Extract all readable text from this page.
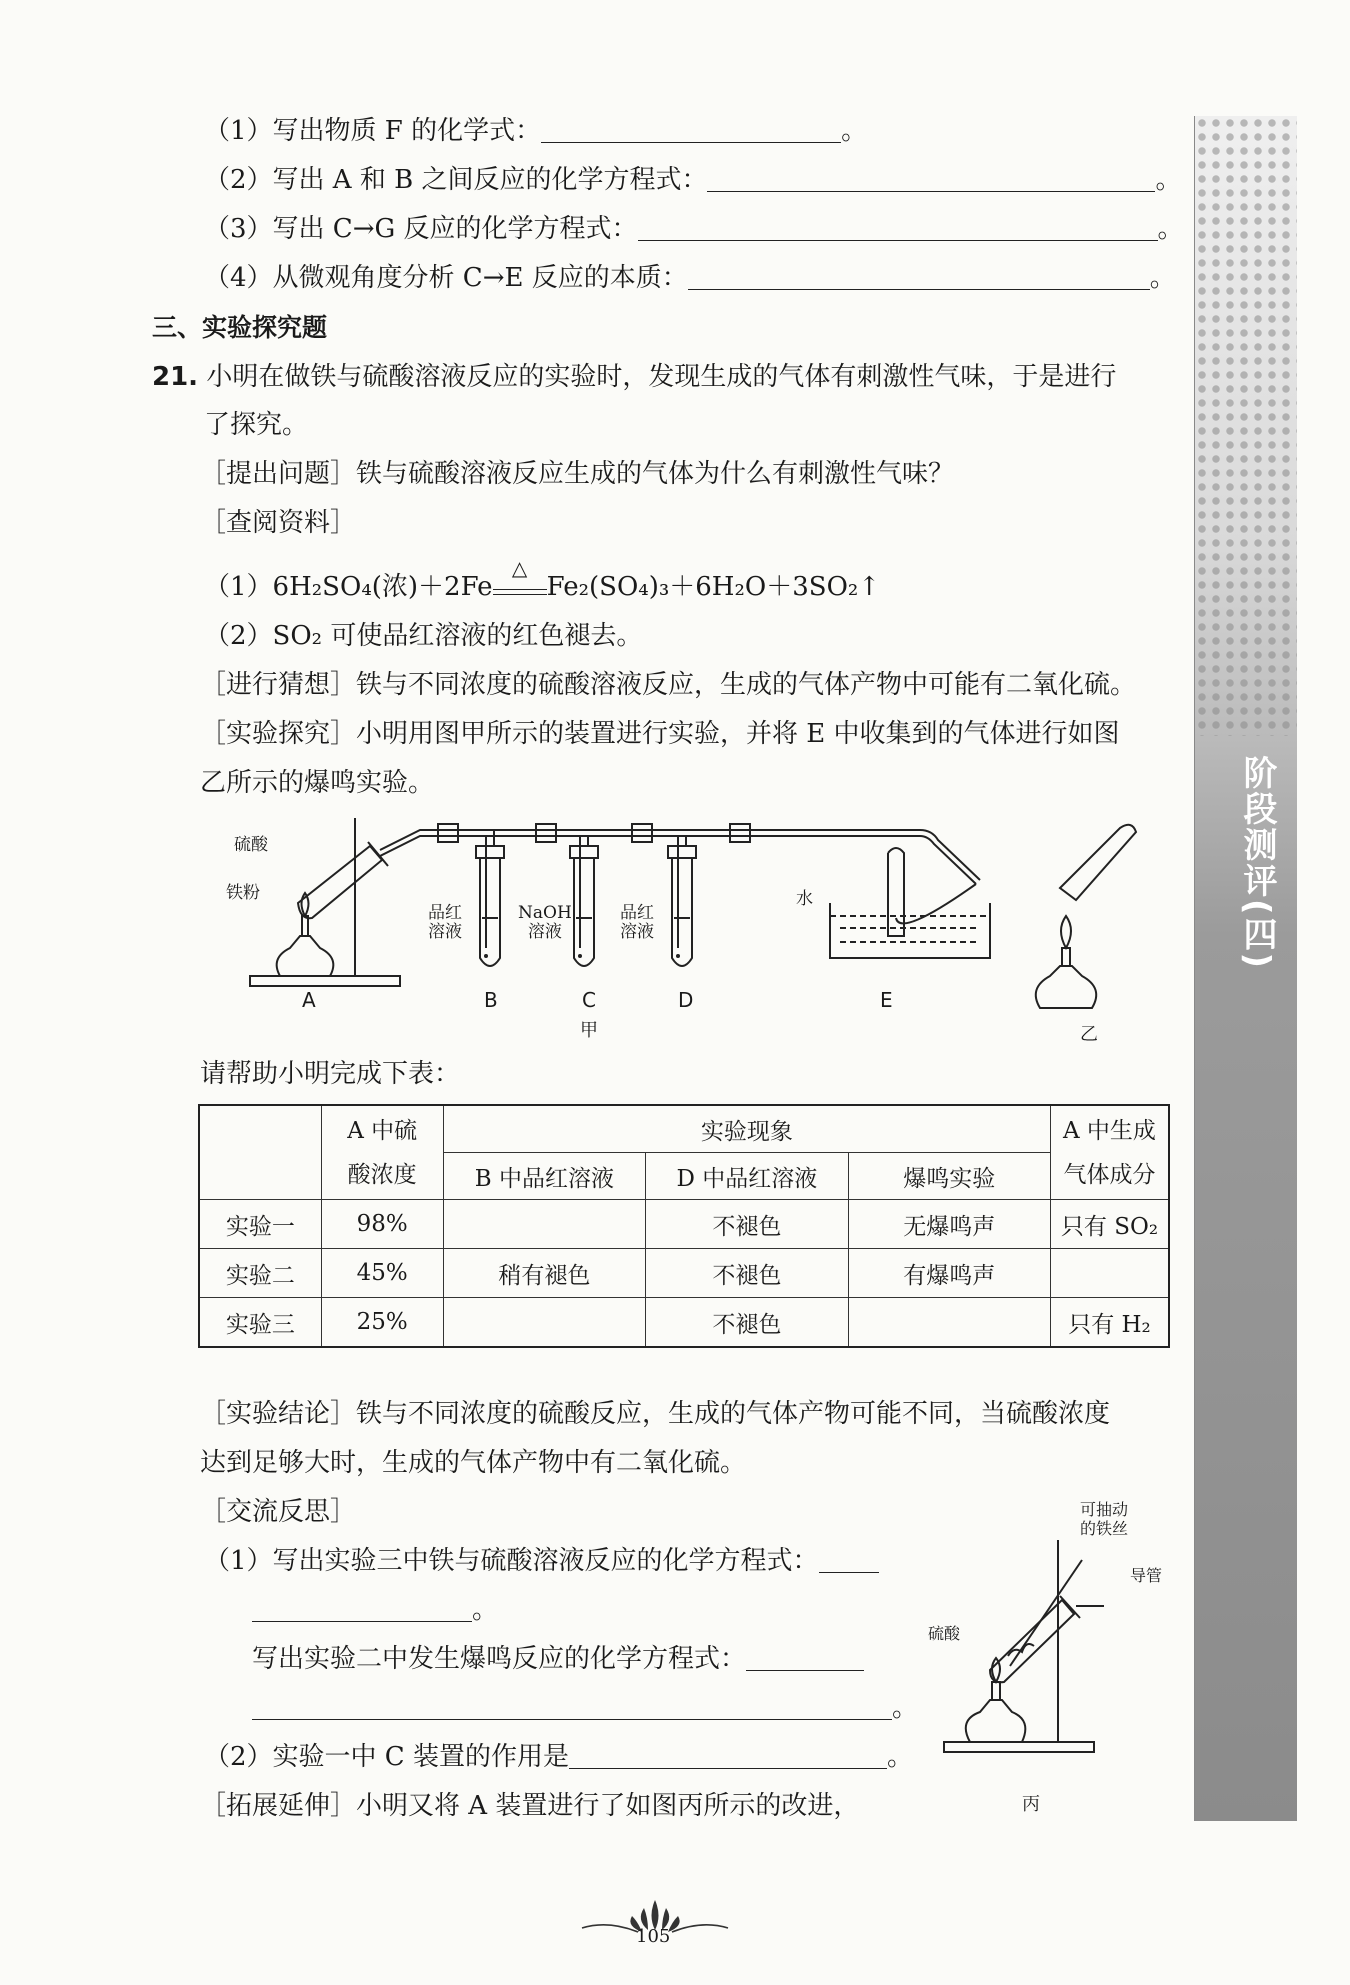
（1）写出物质 F 的化学式：	。
（2）写出 A 和 B 之间反应的化学方程式：	。
（3）写出 C→G 反应的化学方程式：	。
（4）从微观角度分析 C→E 反应的本质：	。
三、实验探究题
21. 小明在做铁与硫酸溶液反应的实验时，发现生成的气体有刺激性气味，于是进行
了探究。
［提出问题］铁与硫酸溶液反应生成的气体为什么有刺激性气味？
［查阅资料］
（1）6H₂SO₄(浓)＋2Fe
△
Fe₂(SO₄)₃＋6H₂O＋3SO₂↑
（2）SO₂ 可使品红溶液的红色褪去。
［进行猜想］铁与不同浓度的硫酸溶液反应，生成的气体产物中可能有二氧化硫。
［实验探究］小明用图甲所示的装置进行实验，并将 E 中收集到的气体进行如图
乙所示的爆鸣实验。
硫酸
铁粉
品红
溶液
NaOH
溶液
品红
溶液
水
A	B	C	D	E
甲	乙
请帮助小明完成下表：
	A 中硫
酸浓度	实验现象			A 中生成
气体成分
		B 中品红溶液	D 中品红溶液	爆鸣实验	
实验一	98%		不褪色	无爆鸣声	只有 SO₂
实验二	45%	稍有褪色	不褪色	有爆鸣声	
实验三	25%		不褪色		只有 H₂
［实验结论］铁与不同浓度的硫酸反应，生成的气体产物可能不同，当硫酸浓度
达到足够大时，生成的气体产物中有二氧化硫。
［交流反思］
（1）写出实验三中铁与硫酸溶液反应的化学方程式：
。
写出实验二中发生爆鸣反应的化学方程式：
。
（2）实验一中 C 装置的作用是	。
［拓展延伸］小明又将 A 装置进行了如图丙所示的改进，
可抽动
的铁丝
导管
硫酸
丙
阶段测评(四)
105
